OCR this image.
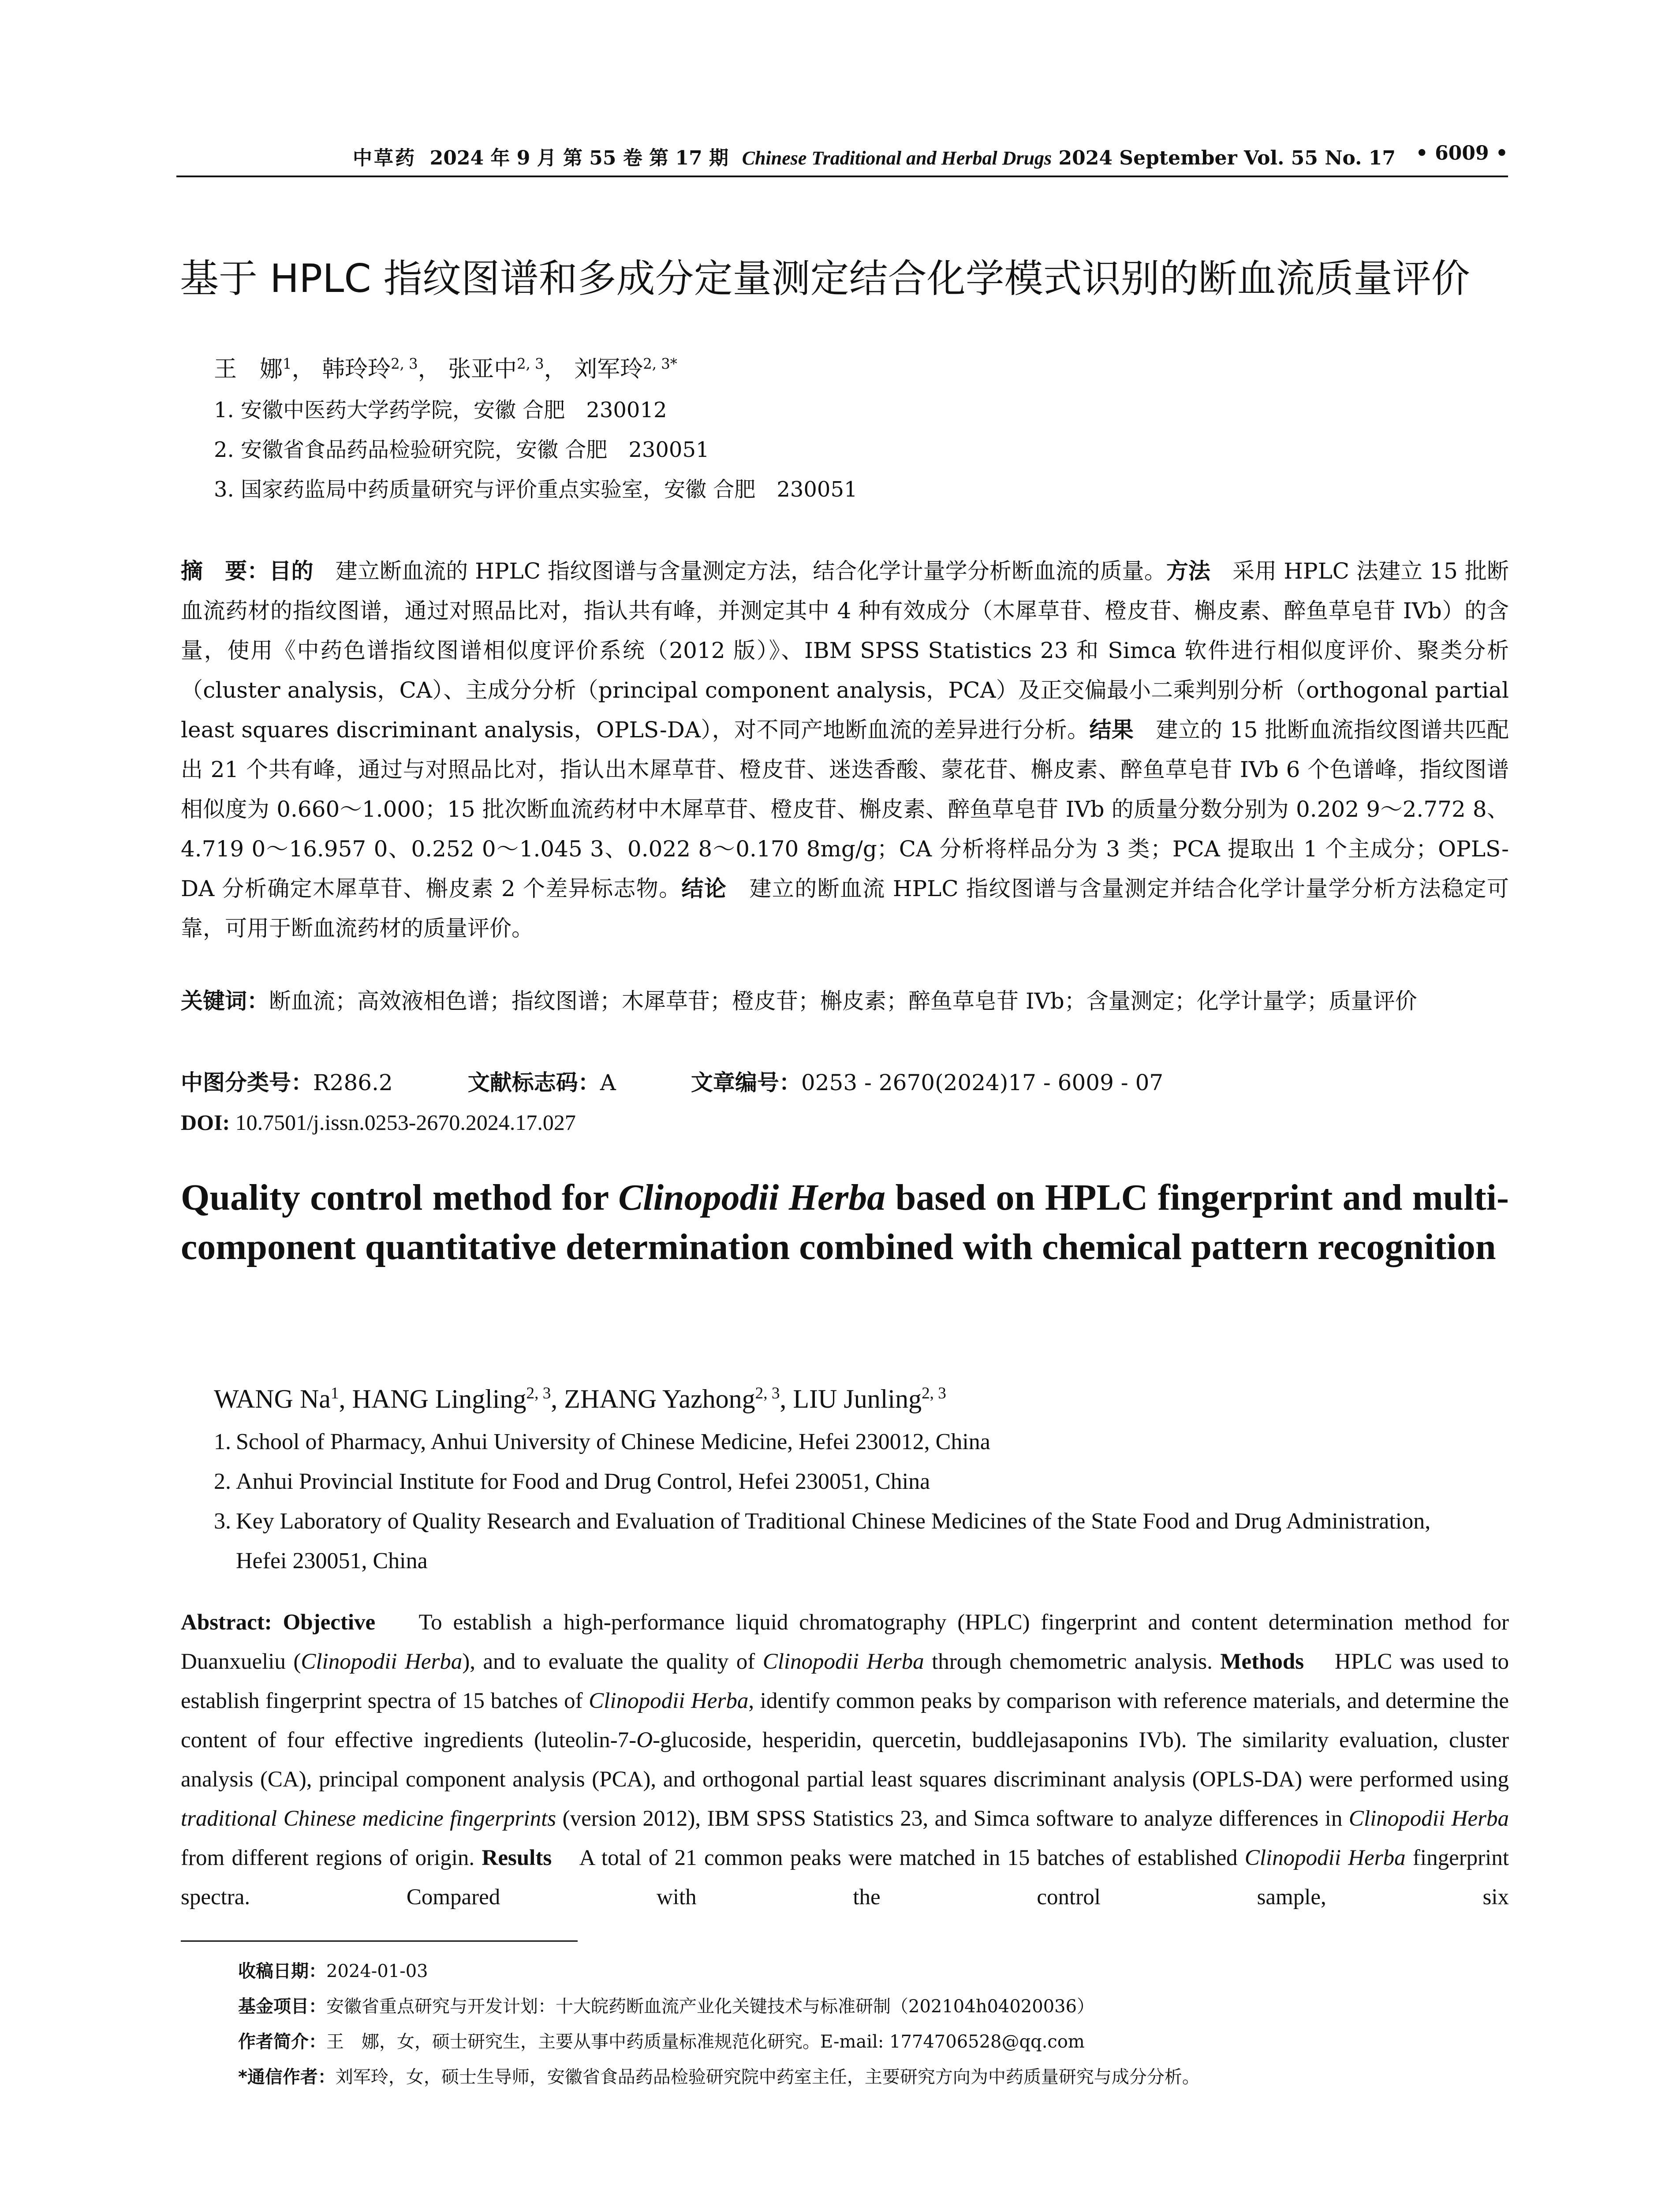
中草药 2024 年 9 月 第 55 卷 第 17 期 Chinese Traditional and Herbal Drugs 2024 September Vol. 55 No. 17 • 6009 •
基于 HPLC 指纹图谱和多成分定量测定结合化学模式识别的断血流质量评价
王　娜$^1$， 韩玲玲$^{2, 3}$， 张亚中$^{2, 3}$， 刘军玲$^{2, 3*}$
1. 安徽中医药大学药学院，安徽 合肥　230012
2. 安徽省食品药品检验研究院，安徽 合肥　230051
3. 国家药监局中药质量研究与评价重点实验室，安徽 合肥　230051
摘　要：目的　 建立断血流的 HPLC 指纹图谱与含量测定方法，结合化学计量学分析断血流的质量。方法　 采用 HPLC 法建立 15 批断血流药材的指纹图谱，通过对照品比对，指认共有峰，并测定其中 4 种有效成分（木犀草苷、橙皮苷、槲皮素、醉鱼草皂苷 IVb）的含量，使用《中药色谱指纹图谱相似度评价系统（2012 版）》、IBM SPSS Statistics 23 和 Simca 软件进行相似度评价、聚类分析（cluster analysis，CA）、主成分分析（principal component analysis，PCA）及正交偏最小二乘判别分析（orthogonal partial least squares discriminant analysis，OPLS-DA），对不同产地断血流的差异进行分析。结果　 建立的 15 批断血流指纹图谱共匹配出 21 个共有峰，通过与对照品比对，指认出木犀草苷、橙皮苷、迷迭香酸、蒙花苷、槲皮素、醉鱼草皂苷 IVb 6 个色谱峰，指纹图谱相似度为 0.660～1.000；15 批次断血流药材中木犀草苷、橙皮苷、槲皮素、醉鱼草皂苷 IVb 的质量分数分别为 0.202 9～2.772 8、4.719 0～16.957 0、0.252 0～1.045 3、0.022 8～0.170 8mg/g；CA 分析将样品分为 3 类；PCA 提取出 1 个主成分；OPLS-DA 分析确定木犀草苷、槲皮素 2 个差异标志物。结论　 建立的断血流 HPLC 指纹图谱与含量测定并结合化学计量学分析方法稳定可靠，可用于断血流药材的质量评价。
关键词：断血流；高效液相色谱；指纹图谱；木犀草苷；橙皮苷；槲皮素；醉鱼草皂苷 IVb；含量测定；化学计量学；质量评价
中图分类号：R286.2	文献标志码：A	文章编号：0253 - 2670(2024)17 - 6009 - 07
DOI: 10.7501/j.issn.0253-2670.2024.17.027
Quality control method for Clinopodii Herba based on HPLC fingerprint and multi-component quantitative determination combined with chemical pattern recognition
WANG Na$^1$, HANG Lingling$^{2, 3}$, ZHANG Yazhong$^{2, 3}$, LIU Junling$^{2, 3}$
1. School of Pharmacy, Anhui University of Chinese Medicine, Hefei 230012, China
2. Anhui Provincial Institute for Food and Drug Control, Hefei 230051, China
3. Key Laboratory of Quality Research and Evaluation of Traditional Chinese Medicines of the State Food and Drug Administration,
Hefei 230051, China
Abstract: Objective To establish a high-performance liquid chromatography (HPLC) fingerprint and content determination method for Duanxueliu (Clinopodii Herba), and to evaluate the quality of Clinopodii Herba through chemometric analysis. Methods HPLC was used to establish fingerprint spectra of 15 batches of Clinopodii Herba, identify common peaks by comparison with reference materials, and determine the content of four effective ingredients (luteolin-7-O-glucoside, hesperidin, quercetin, buddlejasaponins IVb). The similarity evaluation, cluster analysis (CA), principal component analysis (PCA), and orthogonal partial least squares discriminant analysis (OPLS-DA) were performed using traditional Chinese medicine fingerprints (version 2012), IBM SPSS Statistics 23, and Simca software to analyze differences in Clinopodii Herba from different regions of origin. Results A total of 21 common peaks were matched in 15 batches of established Clinopodii Herba fingerprint spectra. Compared with the control sample, six
收稿日期：2024-01-03
基金项目：安徽省重点研究与开发计划：十大皖药断血流产业化关键技术与标准研制（202104h04020036）
作者简介：王　娜，女，硕士研究生，主要从事中药质量标准规范化研究。E-mail: 1774706528@qq.com
*通信作者：刘军玲，女，硕士生导师，安徽省食品药品检验研究院中药室主任，主要研究方向为中药质量研究与成分分析。
